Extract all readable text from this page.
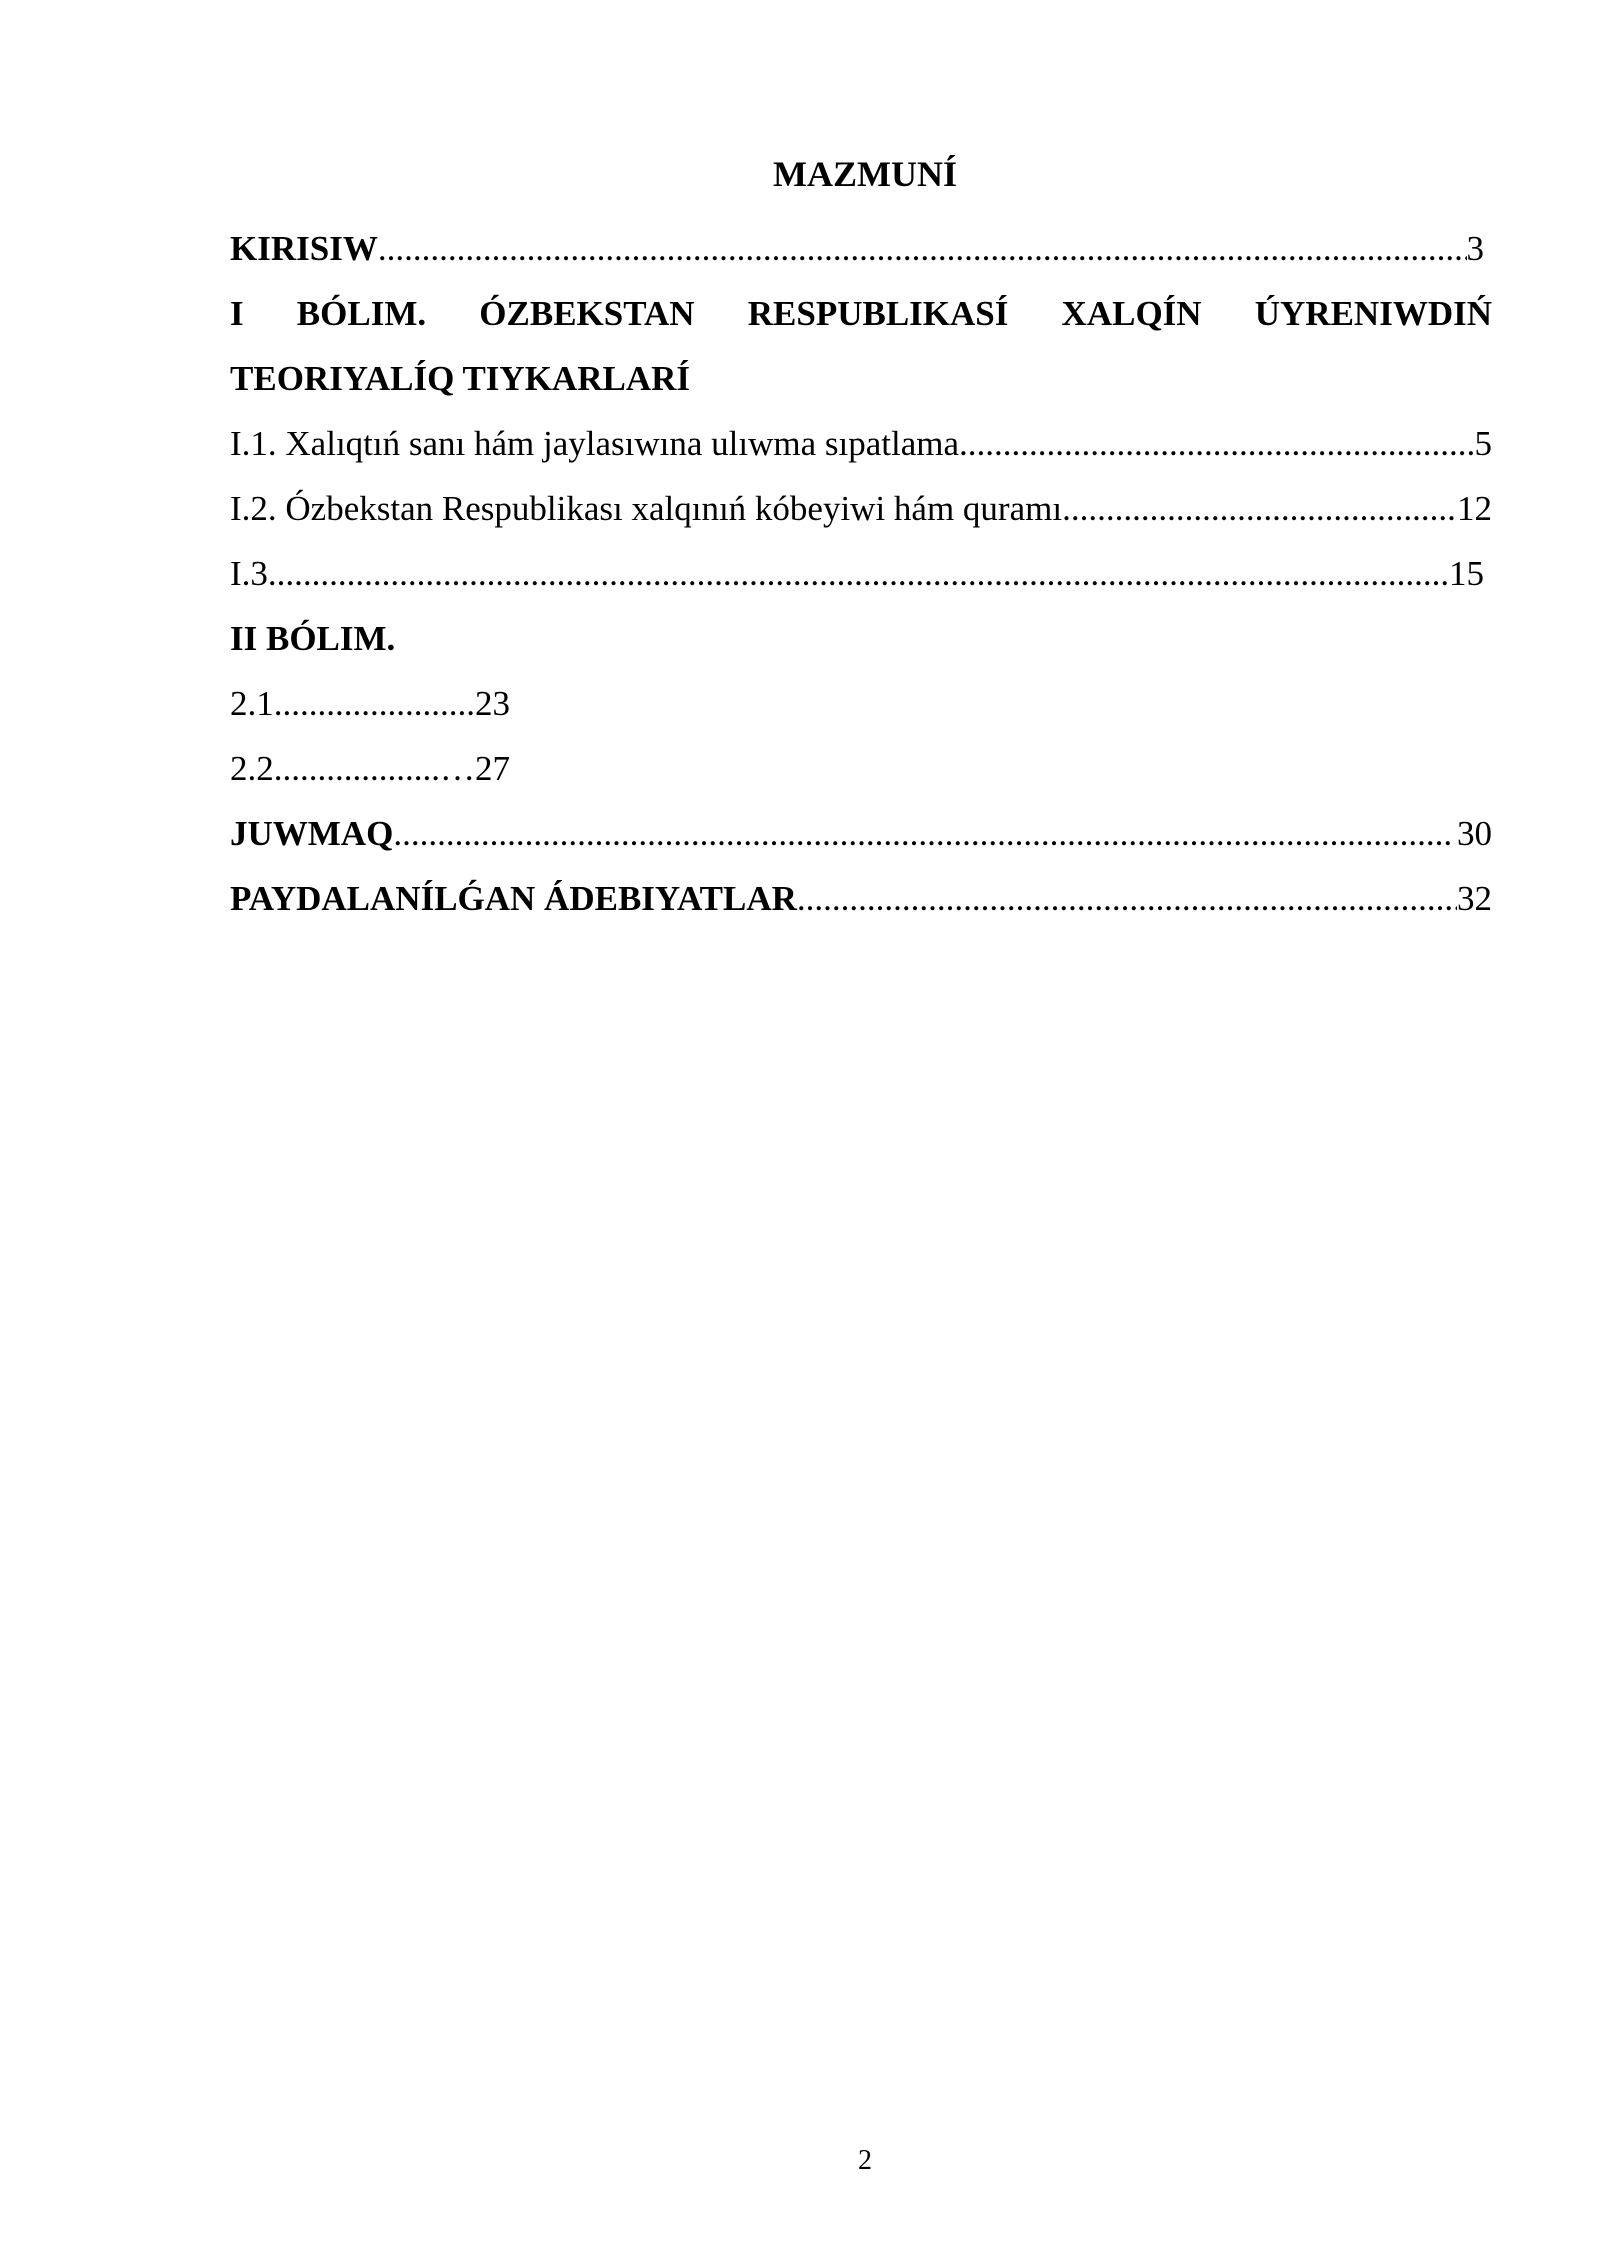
MAZMUNÍ
KIRISIW .....	3
I BÓLIM. ÓZBEKSTAN RESPUBLIKASÍ XALQÍN ÚYRENIWDIŃ
TEORIYALÍQ TIYKARLARÍ
I.1. Xalıqtıń sanı hám jaylasıwına ulıwma sıpatlama .....	5
I.2. Ózbekstan Respublikası xalqınıń kóbeyiwi hám quramı .....	12
I.3 .....	15
II BÓLIM.
2.1 ....................... 23
2.2 ...................… 27
JUWMAQ .....	30
PAYDALANÍLǴAN ÁDEBIYATLAR .....	32
2
